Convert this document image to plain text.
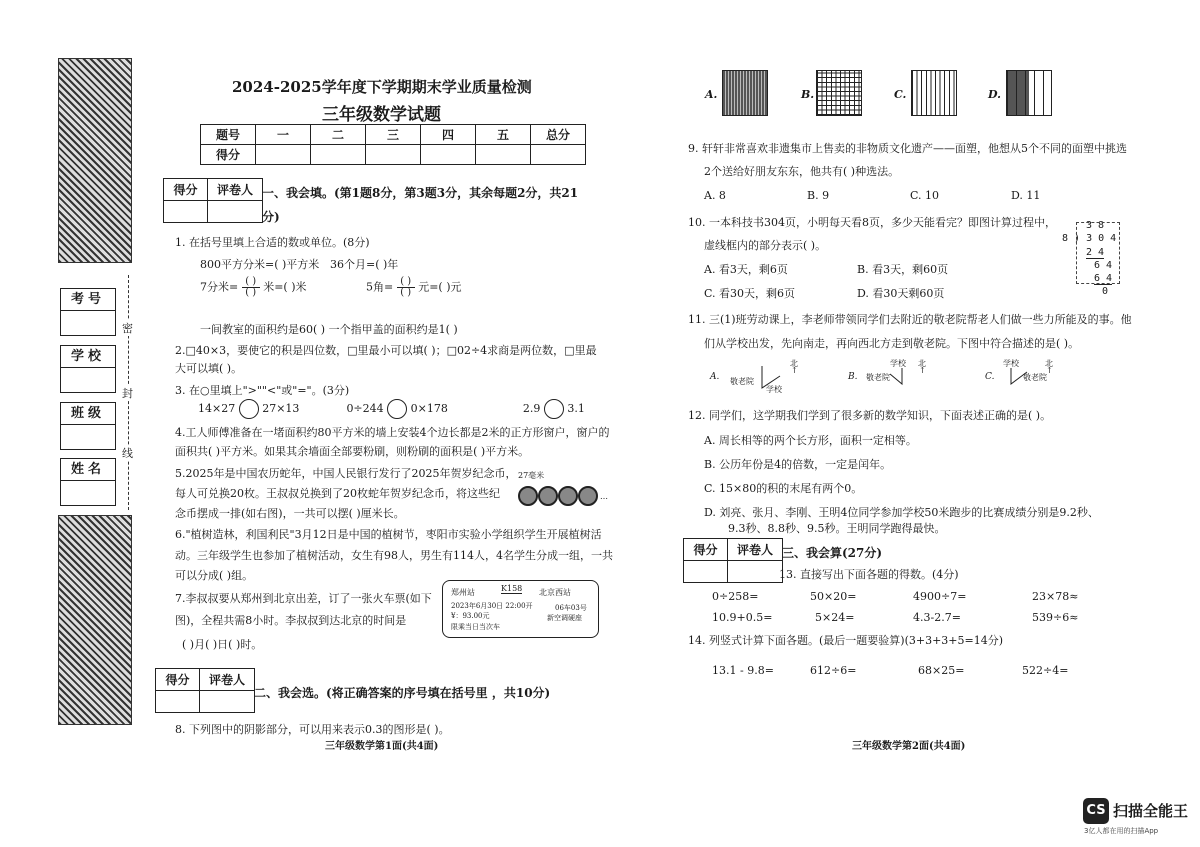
考号
学校
班级
姓名
密
封
线
2024-2025学年度下学期期末学业质量检测
三年级数学试题
题号	一	二	三	四	五	总分
得分						
得分	评卷人
	一、我会填。(第1题8分，第3题3分，其余每题2分，共21
分)
1. 在括号里填上合适的数或单位。(8分)
800平方分米=( )平方米 36个月=( )年
7分米= $\frac{( )}{( )}$ 米=( )米	5角= $\frac{( )}{( )}$ 元=( )元
一间教室的面积约是60( ) 一个指甲盖的面积约是1( )
2.□40×3，要使它的积是四位数，□里最小可以填( )；□02÷4求商是两位数，□里最
大可以填( )。
3. 在○里填上">""<"或"="。(3分)
14×27 27×13	0÷244 0×178	2.9 3.1
4.工人师傅准备在一堵面积约80平方米的墙上安装4个边长都是2米的正方形窗户，窗户的
面积共( )平方米。如果其余墙面全部要粉刷，则粉刷的面积是( )平方米。
5.2025年是中国农历蛇年，中国人民银行发行了2025年贺岁纪念币，
每人可兑换20枚。王叔叔兑换到了20枚蛇年贺岁纪念币，将这些纪
念币摆成一排(如右图)，一共可以摆( )厘米长。
27毫米
…
6."植树造林，利国利民"3月12日是中国的植树节，枣阳市实验小学组织学生开展植树活
动。三年级学生也参加了植树活动，女生有98人，男生有114人，4名学生分成一组，一共
可以分成( )组。
7.李叔叔要从郑州到北京出差，订了一张火车票(如下
图)，全程共需8小时。李叔叔到达北京的时间是
( )月( )日( )时。
郑州站	K158 北京西站
2023年6月30日 22:00开
¥：93.00元
06车03号
新空调硬座
限乘当日当次车
得分	评卷人

二、我会选。(将正确答案的序号填在括号里 ，共10分)
8. 下列图中的阴影部分，可以用来表示0.3的图形是( )。
三年级数学第1面(共4面)
A.	B.	C.	D.
9. 轩轩非常喜欢非遗集市上售卖的非物质文化遗产——面塑，他想从5个不同的面塑中挑选
2个送给好朋友东东，他共有( )种选法。
A. 8	B. 9	C. 10	D. 11
10. 一本科技书304页，小明每天看8页，多少天能看完？即图计算过程中，
虚线框内的部分表示( )。
A. 看3天，剩6页	B. 看3天，剩60页
C. 看30天，剩6页	D. 看30天剩60页
3 8
8 ) 3 0 4
2 4
6 4
6 4
0
11. 三(1)班劳动课上，李老师带领同学们去附近的敬老院帮老人们做一些力所能及的事。他
们从学校出发，先向南走，再向西北方走到敬老院。下图中符合描述的是( )。
A. 敬老院
学校
北
↑
B. 敬老院
学校 北
↑
C.
学校
敬老院
北
↑
12. 同学们，这学期我们学到了很多新的数学知识，下面表述正确的是( )。
A. 周长相等的两个长方形，面积一定相等。
B. 公历年份是4的倍数，一定是闰年。
C. 15×80的积的末尾有两个0。
D. 刘亮、张月、李刚、王明4位同学参加学校50米跑步的比赛成绩分别是9.2秒、
9.3秒、8.8秒、9.5秒。王明同学跑得最快。
得分	评卷人
	三、我会算(27分)
13. 直接写出下面各题的得数。(4分)
0÷258=	50×20=	4900÷7=	23×78≈
10.9+0.5=	5×24=	4.3-2.7=	539÷6≈
14. 列竖式计算下面各题。(最后一题要验算)(3+3+3+5=14分)
13.1 - 9.8=	612÷6=	68×25=	522÷4=
三年级数学第2面(共4面)
CS 扫描全能王
3亿人都在用的扫描App
